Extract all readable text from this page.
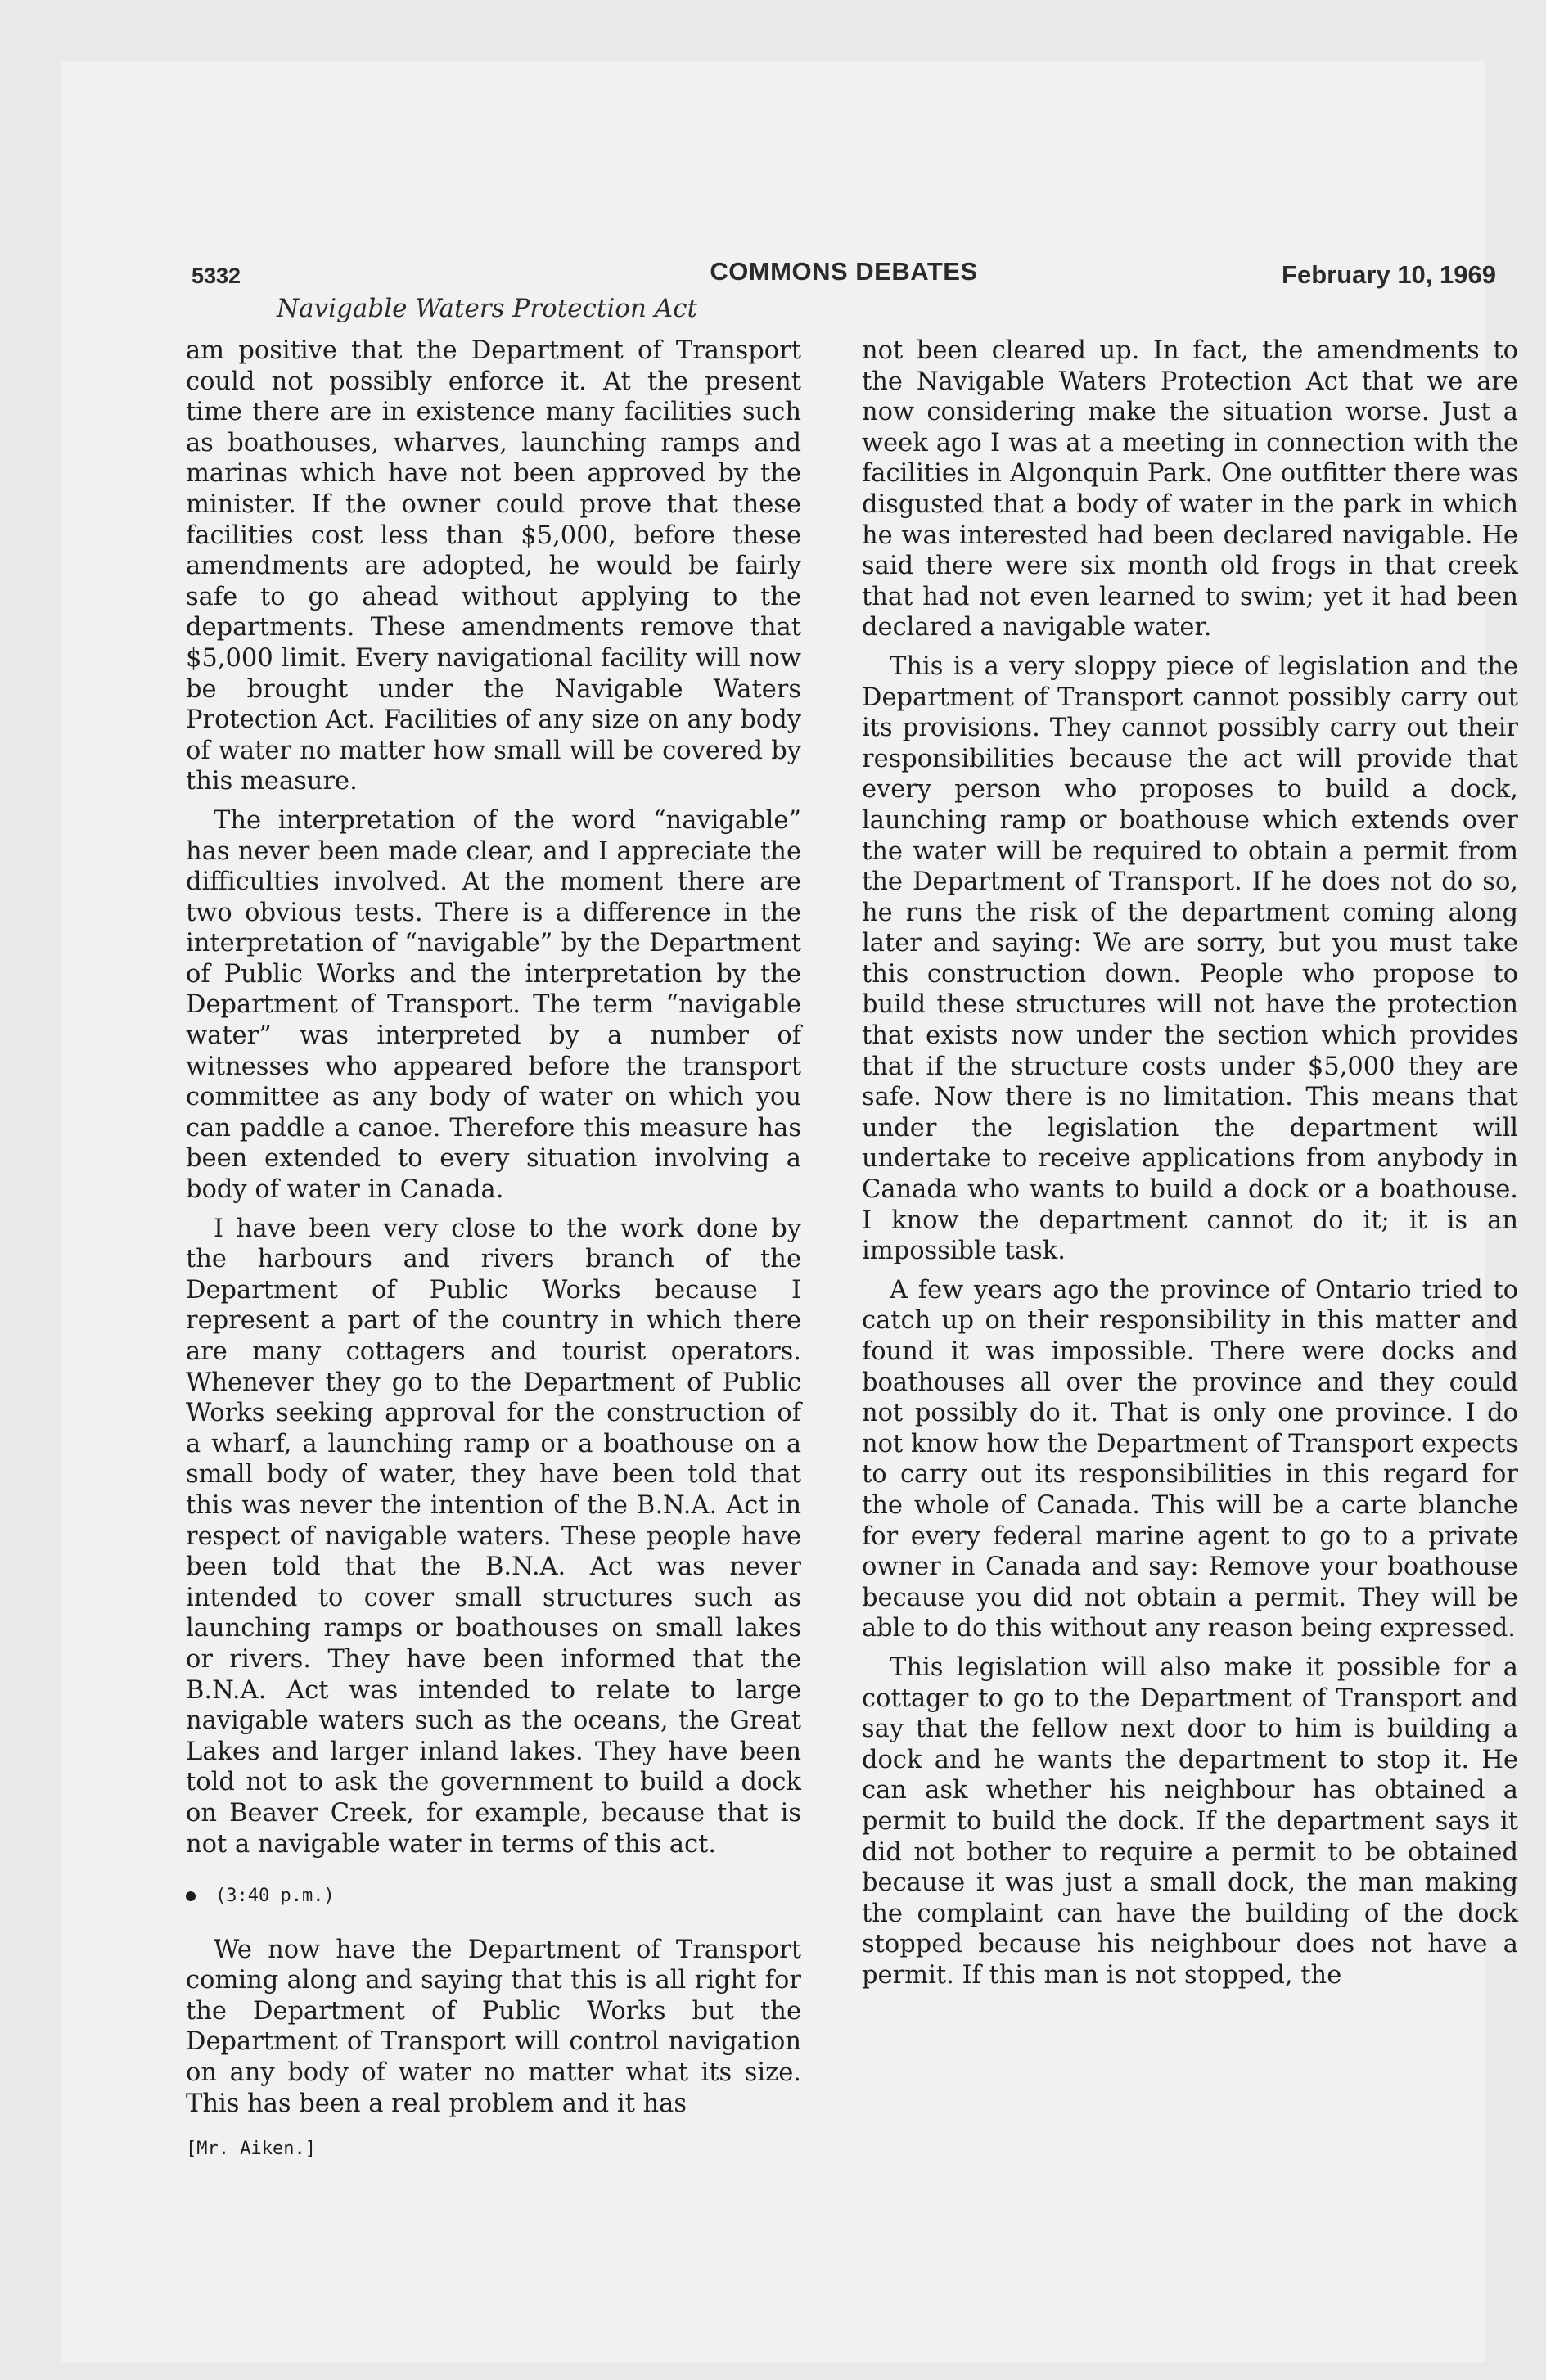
5332	COMMONS DEBATES	February 10, 1969
Navigable Waters Protection Act

am positive that the Department of Transport could not possibly enforce it. At the present time there are in existence many facilities such as boathouses, wharves, launching ramps and marinas which have not been approved by the minister. If the owner could prove that these facilities cost less than $5,000, before these amendments are adopted, he would be fairly safe to go ahead without applying to the departments. These amendments remove that $5,000 limit. Every navigational facility will now be brought under the Navigable Waters Protection Act. Facilities of any size on any body of water no matter how small will be covered by this measure.

The interpretation of the word “navigable” has never been made clear, and I appreciate the difficulties involved. At the moment there are two obvious tests. There is a difference in the interpretation of “navigable” by the Department of Public Works and the interpretation by the Department of Transport. The term “navigable water” was interpreted by a number of witnesses who appeared before the transport committee as any body of water on which you can paddle a canoe. Therefore this measure has been extended to every situation involving a body of water in Canada.

I have been very close to the work done by the harbours and rivers branch of the Department of Public Works because I represent a part of the country in which there are many cottagers and tourist operators. Whenever they go to the Department of Public Works seeking approval for the construction of a wharf, a launching ramp or a boathouse on a small body of water, they have been told that this was never the intention of the B.N.A. Act in respect of navigable waters. These people have been told that the B.N.A. Act was never intended to cover small structures such as launching ramps or boathouses on small lakes or rivers. They have been informed that the B.N.A. Act was intended to relate to large navigable waters such as the oceans, the Great Lakes and larger inland lakes. They have been told not to ask the government to build a dock on Beaver Creek, for example, because that is not a navigable water in terms of this act.

(3:40 p.m.)

We now have the Department of Transport coming along and saying that this is all right for the Department of Public Works but the Department of Transport will control navigation on any body of water no matter what its size. This has been a real problem and it has

[Mr. Aiken.]

not been cleared up. In fact, the amendments to the Navigable Waters Protection Act that we are now considering make the situation worse. Just a week ago I was at a meeting in connection with the facilities in Algonquin Park. One outfitter there was disgusted that a body of water in the park in which he was interested had been declared navigable. He said there were six month old frogs in that creek that had not even learned to swim; yet it had been declared a navigable water.

This is a very sloppy piece of legislation and the Department of Transport cannot possibly carry out its provisions. They cannot possibly carry out their responsibilities because the act will provide that every person who proposes to build a dock, launching ramp or boathouse which extends over the water will be required to obtain a permit from the Department of Transport. If he does not do so, he runs the risk of the department coming along later and saying: We are sorry, but you must take this construction down. People who propose to build these structures will not have the protection that exists now under the section which provides that if the structure costs under $5,000 they are safe. Now there is no limitation. This means that under the legislation the department will undertake to receive applications from anybody in Canada who wants to build a dock or a boathouse. I know the department cannot do it; it is an impossible task.

A few years ago the province of Ontario tried to catch up on their responsibility in this matter and found it was impossible. There were docks and boathouses all over the province and they could not possibly do it. That is only one province. I do not know how the Department of Transport expects to carry out its responsibilities in this regard for the whole of Canada. This will be a carte blanche for every federal marine agent to go to a private owner in Canada and say: Remove your boathouse because you did not obtain a permit. They will be able to do this without any reason being expressed.

This legislation will also make it possible for a cottager to go to the Department of Transport and say that the fellow next door to him is building a dock and he wants the department to stop it. He can ask whether his neighbour has obtained a permit to build the dock. If the department says it did not bother to require a permit to be obtained because it was just a small dock, the man making the complaint can have the building of the dock stopped because his neighbour does not have a permit. If this man is not stopped, the
